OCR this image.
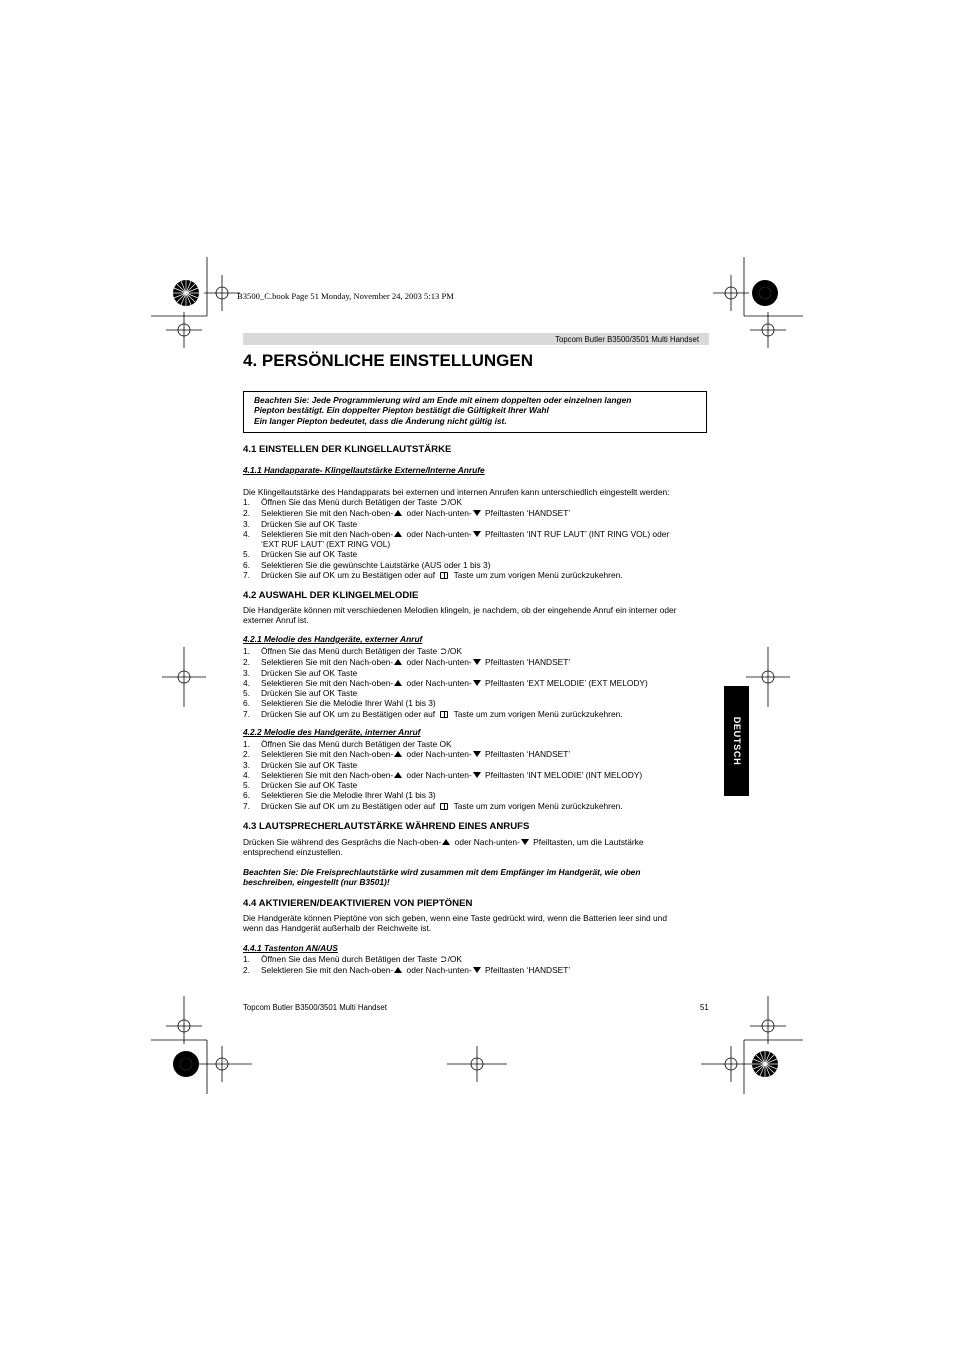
B3500_C.book Page 51 Monday, November 24, 2003 5:13 PM
Topcom Butler B3500/3501 Multi Handset
4. PERSÖNLICHE EINSTELLUNGEN
Beachten Sie: Jede Programmierung wird am Ende mit einem doppelten oder einzelnen langen
Piepton bestätigt. Ein doppelter Piepton bestätigt die Gültigkeit Ihrer Wahl
Ein langer Piepton bedeutet, dass die Änderung nicht gültig ist.
4.1 EINSTELLEN DER KLINGELLAUTSTÄRKE
4.1.1 Handapparate- Klingellautstärke Externe/Interne Anrufe
Die Klingellautstärke des Handapparats bei externen und internen Anrufen kann unterschiedlich eingestellt werden:
1. Öffnen Sie das Menü durch Betätigen der Taste ⮊/OK
2. Selektieren Sie mit den Nach-oben- oder Nach-unten- Pfeiltasten ‘HANDSET’
3. Drücken Sie auf OK Taste
4. Selektieren Sie mit den Nach-oben- oder Nach-unten- Pfeiltasten ‘INT RUF LAUT’ (INT RING VOL) oder
‘EXT RUF LAUT’ (EXT RING VOL)
5. Drücken Sie auf OK Taste
6. Selektieren Sie die gewünschte Lautstärke (AUS oder 1 bis 3)
7. Drücken Sie auf OK um zu Bestätigen oder auf  Taste um zum vorigen Menü zurückzukehren.
4.2 AUSWAHL DER KLINGELMELODIE
Die Handgeräte können mit verschiedenen Melodien klingeln, je nachdem, ob der eingehende Anruf ein interner oder
externer Anruf ist.
4.2.1 Melodie des Handgeräte, externer Anruf
1. Öffnen Sie das Menü durch Betätigen der Taste ⮊/OK
2. Selektieren Sie mit den Nach-oben- oder Nach-unten- Pfeiltasten ‘HANDSET’
3. Drücken Sie auf OK Taste
4. Selektieren Sie mit den Nach-oben- oder Nach-unten- Pfeiltasten ‘EXT MELODIE’ (EXT MELODY)
5. Drücken Sie auf OK Taste
6. Selektieren Sie die Melodie Ihrer Wahl (1 bis 3)
7. Drücken Sie auf OK um zu Bestätigen oder auf  Taste um zum vorigen Menü zurückzukehren.
4.2.2 Melodie des Handgeräte, interner Anruf
1. Öffnen Sie das Menü durch Betätigen der Taste OK
2. Selektieren Sie mit den Nach-oben- oder Nach-unten- Pfeiltasten ‘HANDSET’
3. Drücken Sie auf OK Taste
4. Selektieren Sie mit den Nach-oben- oder Nach-unten- Pfeiltasten ‘INT MELODIE’ (INT MELODY)
5. Drücken Sie auf OK Taste
6. Selektieren Sie die Melodie Ihrer Wahl (1 bis 3)
7. Drücken Sie auf OK um zu Bestätigen oder auf  Taste um zum vorigen Menü zurückzukehren.
4.3 LAUTSPRECHERLAUTSTÄRKE WÄHREND EINES ANRUFS
Drücken Sie während des Gesprächs die Nach-oben- oder Nach-unten- Pfeiltasten, um die Lautstärke
entsprechend einzustellen.
Beachten Sie: Die Freisprechlautstärke wird zusammen mit dem Empfänger im Handgerät, wie oben
beschreiben, eingestellt (nur B3501)!
4.4 AKTIVIEREN/DEAKTIVIEREN VON PIEPTÖNEN
Die Handgeräte können Pieptöne von sich geben, wenn eine Taste gedrückt wird, wenn die Batterien leer sind und
wenn das Handgerät außerhalb der Reichweite ist.
4.4.1 Tastenton AN/AUS
1. Öffnen Sie das Menü durch Betätigen der Taste ⮊/OK
2. Selektieren Sie mit den Nach-oben- oder Nach-unten- Pfeiltasten ‘HANDSET’
DEUTSCH
Topcom Butler B3500/3501 Multi Handset	51
